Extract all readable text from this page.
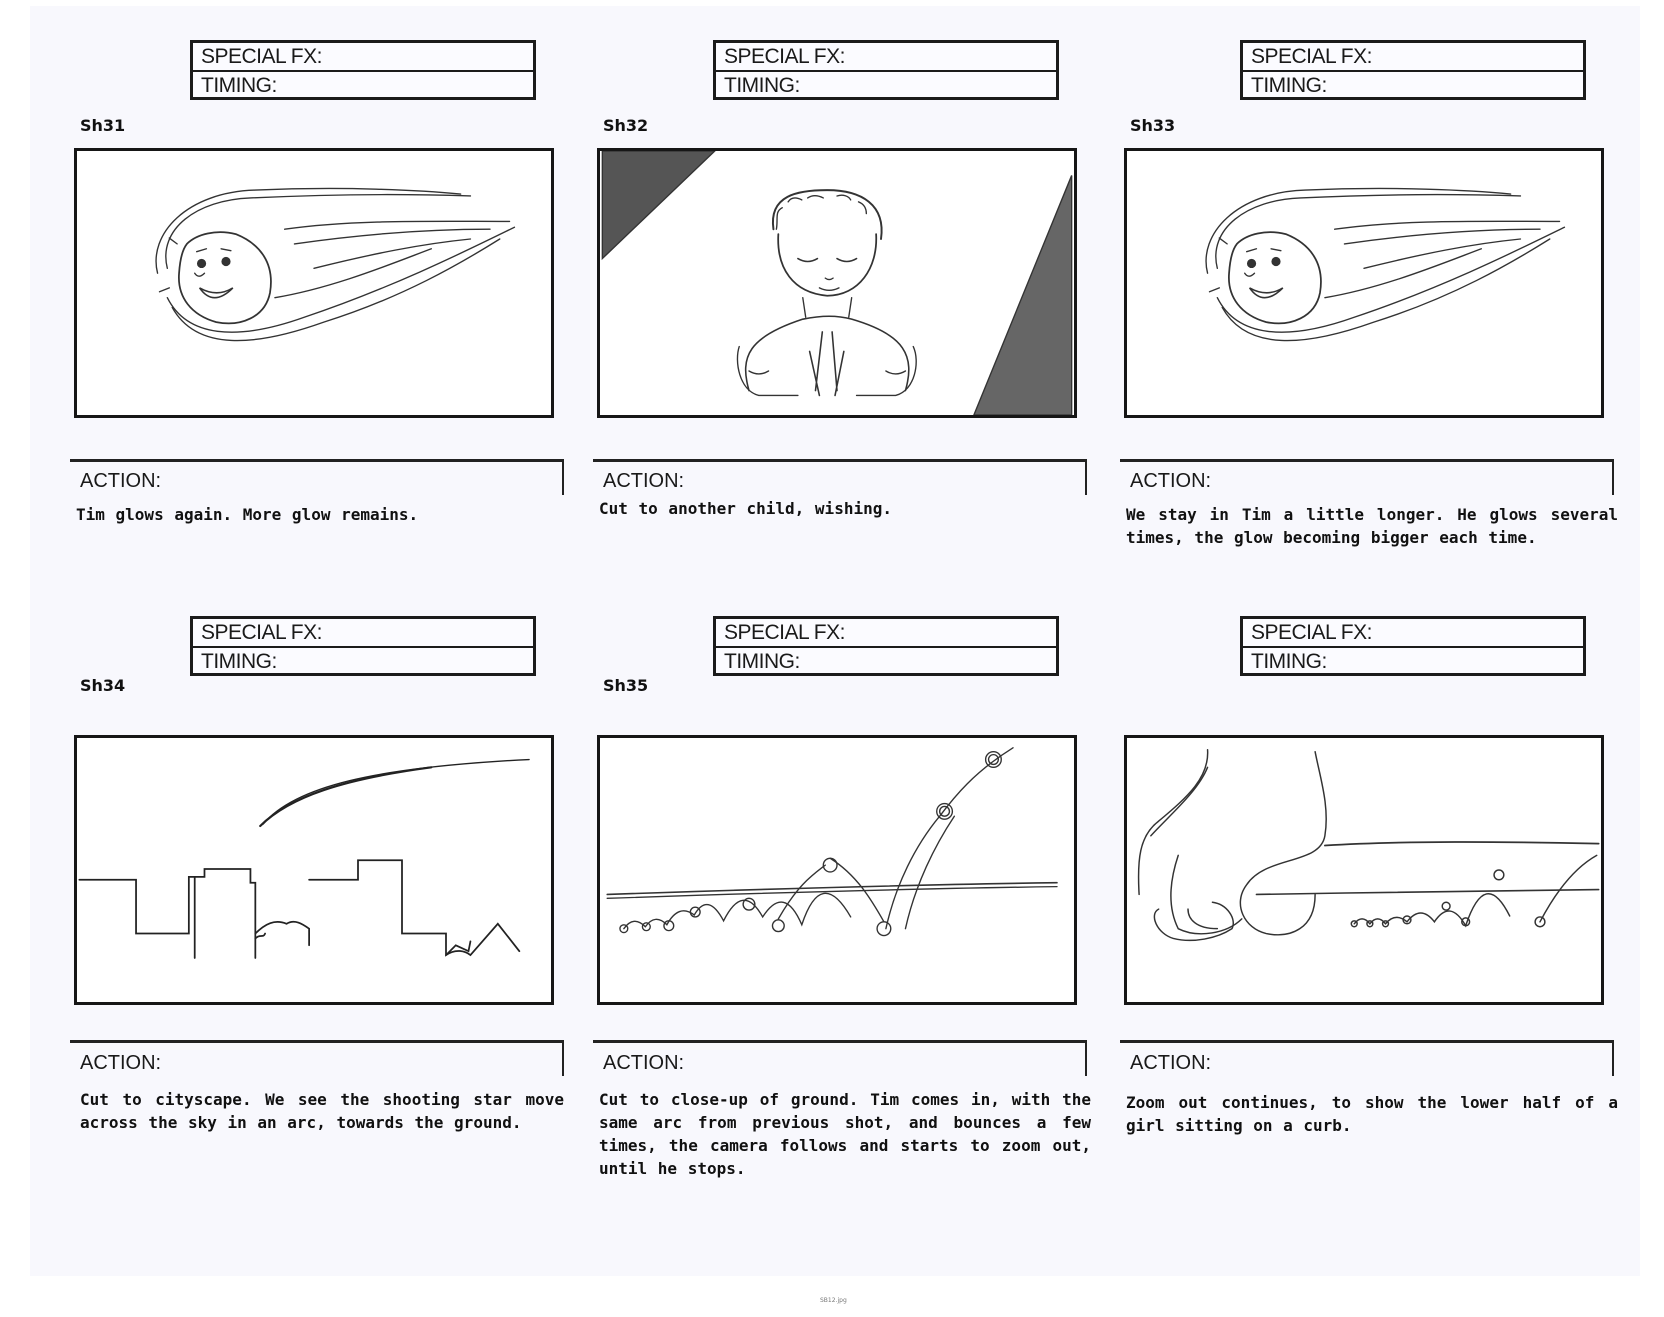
SPECIAL FX:
TIMING:
Sh31
ACTION:
Tim glows again. More glow remains.
SPECIAL FX:
TIMING:
Sh32
ACTION:
Cut to another child, wishing.
SPECIAL FX:
TIMING:
Sh33
ACTION:
We stay in Tim a little longer. He glows several times, the glow becoming bigger each time.
SPECIAL FX:
TIMING:
Sh34
ACTION:
Cut to cityscape. We see the shooting star move across the sky in an arc, towards the ground.
SPECIAL FX:
TIMING:
Sh35
ACTION:
Cut to close-up of ground. Tim comes in, with the same arc from previous shot, and bounces a few times, the camera follows and starts to zoom out, until he stops.
SPECIAL FX:
TIMING:
ACTION:
Zoom out continues, to show the lower half of a girl sitting on a curb.
SB12.jpg
